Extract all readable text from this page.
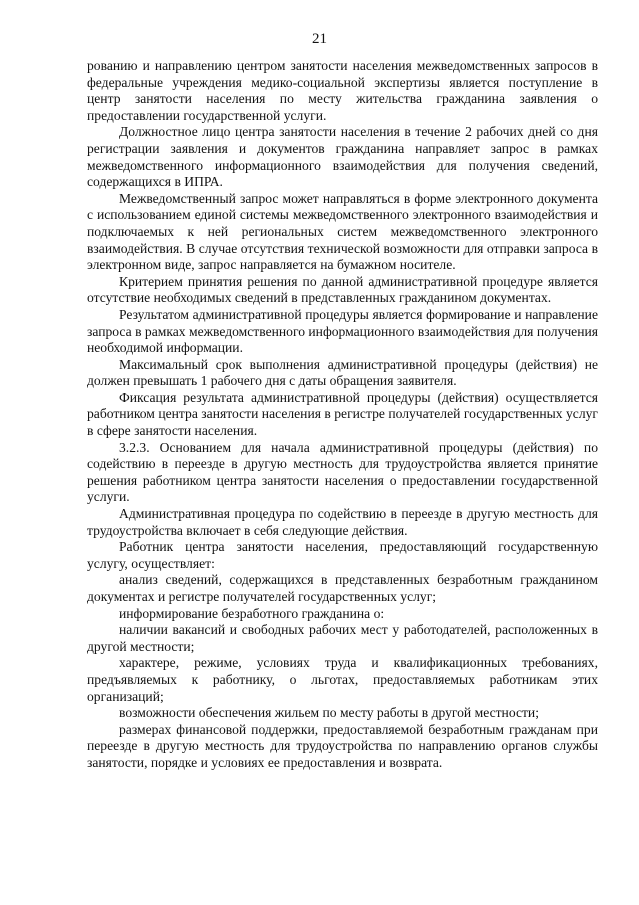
21

рованию и направлению центром занятости населения межведомственных запросов в федеральные учреждения медико-социальной экспертизы является поступление в центр занятости населения по месту жительства гражданина заявления о предоставлении государственной услуги.

Должностное лицо центра занятости населения в течение 2 рабочих дней со дня регистрации заявления и документов гражданина направляет запрос в рамках межведомственного информационного взаимодействия для получения сведений, содержащихся в ИПРА.

Межведомственный запрос может направляться в форме электронного документа с использованием единой системы межведомственного электронного взаимодействия и подключаемых к ней региональных систем межведомственного электронного взаимодействия. В случае отсутствия технической возможности для отправки запроса в электронном виде, запрос направляется на бумажном носителе.

Критерием принятия решения по данной административной процедуре является отсутствие необходимых сведений в представленных гражданином документах.

Результатом административной процедуры является формирование и направление запроса в рамках межведомственного информационного взаимодействия для получения необходимой информации.

Максимальный срок выполнения административной процедуры (действия) не должен превышать 1 рабочего дня с даты обращения заявителя.

Фиксация результата административной процедуры (действия) осуществляется работником центра занятости населения в регистре получателей государственных услуг в сфере занятости населения.

3.2.3. Основанием для начала административной процедуры (действия) по содействию в переезде в другую местность для трудоустройства является принятие решения работником центра занятости населения о предоставлении государственной услуги.

Административная процедура по содействию в переезде в другую местность для трудоустройства включает в себя следующие действия.

Работник центра занятости населения, предоставляющий государственную услугу, осуществляет:

анализ сведений, содержащихся в представленных безработным гражданином документах и регистре получателей государственных услуг;

информирование безработного гражданина о:

наличии вакансий и свободных рабочих мест у работодателей, расположенных в другой местности;

характере, режиме, условиях труда и квалификационных требованиях, предъявляемых к работнику, о льготах, предоставляемых работникам этих организаций;

возможности обеспечения жильем по месту работы в другой местности;

размерах финансовой поддержки, предоставляемой безработным гражданам при переезде в другую местность для трудоустройства по направлению органов службы занятости, порядке и условиях ее предоставления и возврата.
